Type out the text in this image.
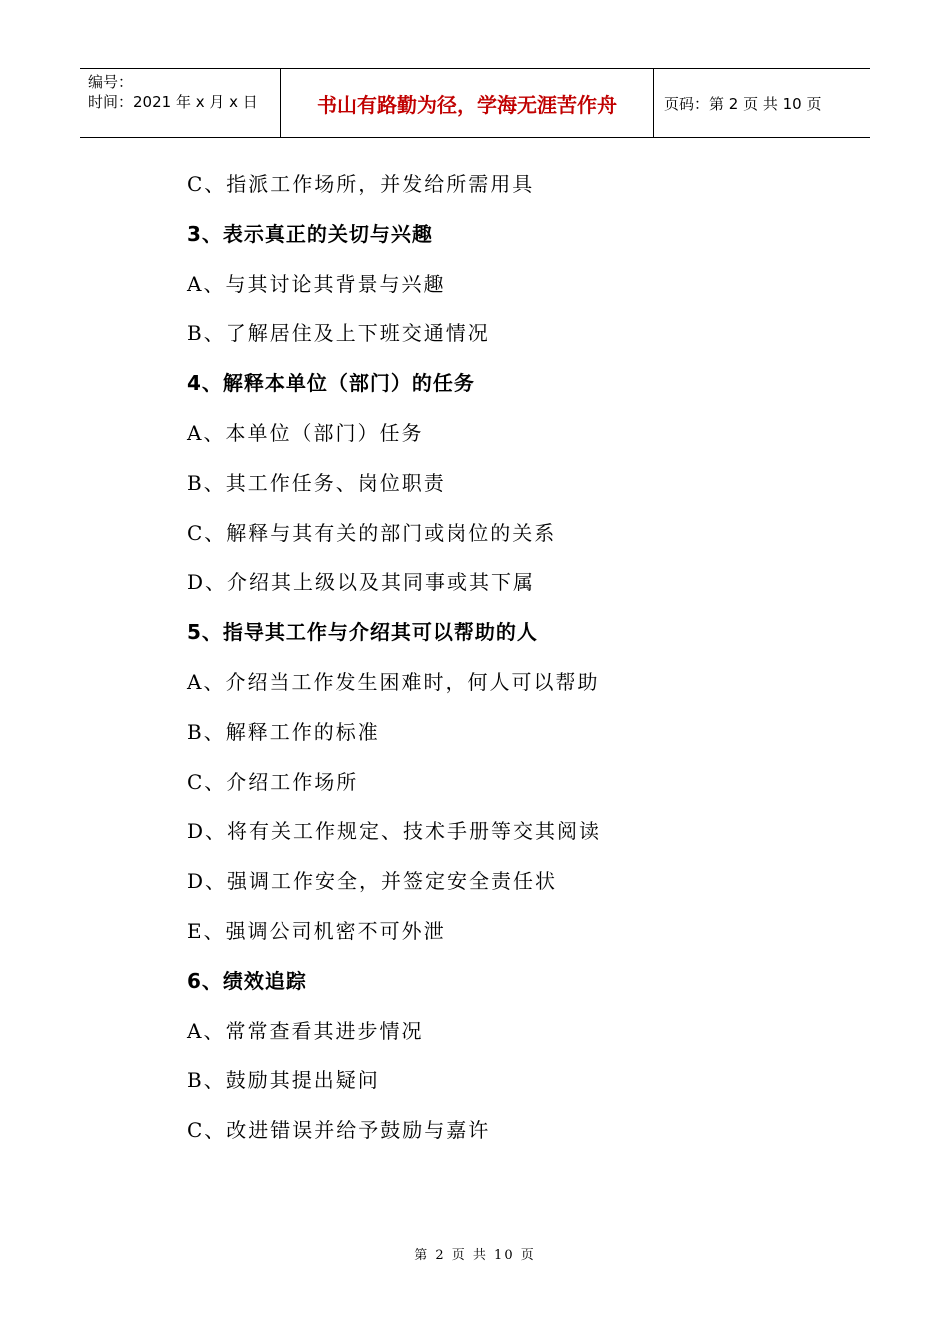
编号：
时间：2021 年 x 月 x 日	书山有路勤为径，学海无涯苦作舟	页码：第 2 页 共 10 页
C、指派工作场所，并发给所需用具
3、表示真正的关切与兴趣
A、与其讨论其背景与兴趣
B、了解居住及上下班交通情况
4、解释本单位（部门）的任务
A、本单位（部门）任务
B、其工作任务、岗位职责
C、解释与其有关的部门或岗位的关系
D、介绍其上级以及其同事或其下属
5、指导其工作与介绍其可以帮助的人
A、介绍当工作发生困难时，何人可以帮助
B、解释工作的标准
C、介绍工作场所
D、将有关工作规定、技术手册等交其阅读
D、强调工作安全，并签定安全责任状
E、强调公司机密不可外泄
6、绩效追踪
A、常常查看其进步情况
B、鼓励其提出疑问
C、改进错误并给予鼓励与嘉许
第 2 页 共 10 页
